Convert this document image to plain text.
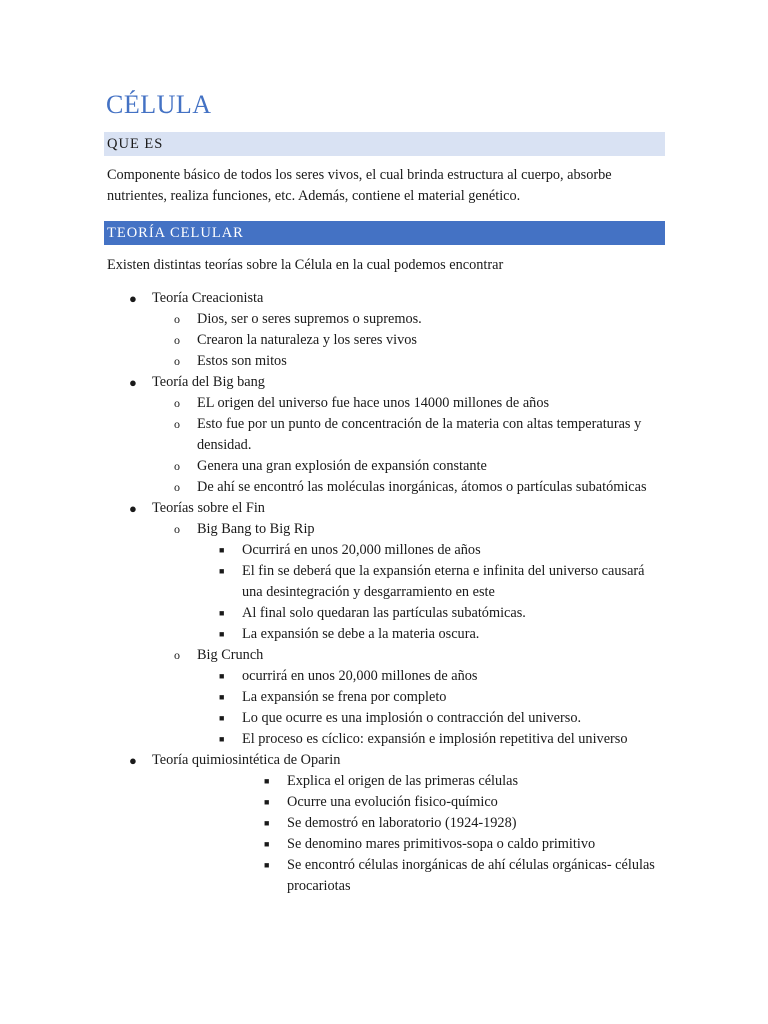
CÉLULA
QUE ES

Componente básico de todos los seres vivos, el cual brinda estructura al cuerpo, absorbe nutrientes, realiza funciones, etc. Además, contiene el material genético.

TEORÍA CELULAR

Existen distintas teorías sobre la Célula en la cual podemos encontrar

● Teoría Creacionista
o Dios, ser o seres supremos o supremos.
o Crearon la naturaleza y los seres vivos
o Estos son mitos
● Teoría del Big bang
o EL origen del universo fue hace unos 14000 millones de años
o Esto fue por un punto de concentración de la materia con altas temperaturas y densidad.
o Genera una gran explosión de expansión constante
o De ahí se encontró las moléculas inorgánicas, átomos o partículas subatómicas
● Teorías sobre el Fin
o Big Bang to Big Rip
■ Ocurrirá en unos 20,000 millones de años
■ El fin se deberá que la expansión eterna e infinita del universo causará una desintegración y desgarramiento en este
■ Al final solo quedaran las partículas subatómicas.
■ La expansión se debe a la materia oscura.
o Big Crunch
■ ocurrirá en unos 20,000 millones de años
■ La expansión se frena por completo
■ Lo que ocurre es una implosión o contracción del universo.
■ El proceso es cíclico: expansión e implosión repetitiva del universo
● Teoría quimiosintética de Oparin
■ Explica el origen de las primeras células
■ Ocurre una evolución fisico-químico
■ Se demostró en laboratorio (1924-1928)
■ Se denomino mares primitivos-sopa o caldo primitivo
■ Se encontró células inorgánicas de ahí células orgánicas- células procariotas
